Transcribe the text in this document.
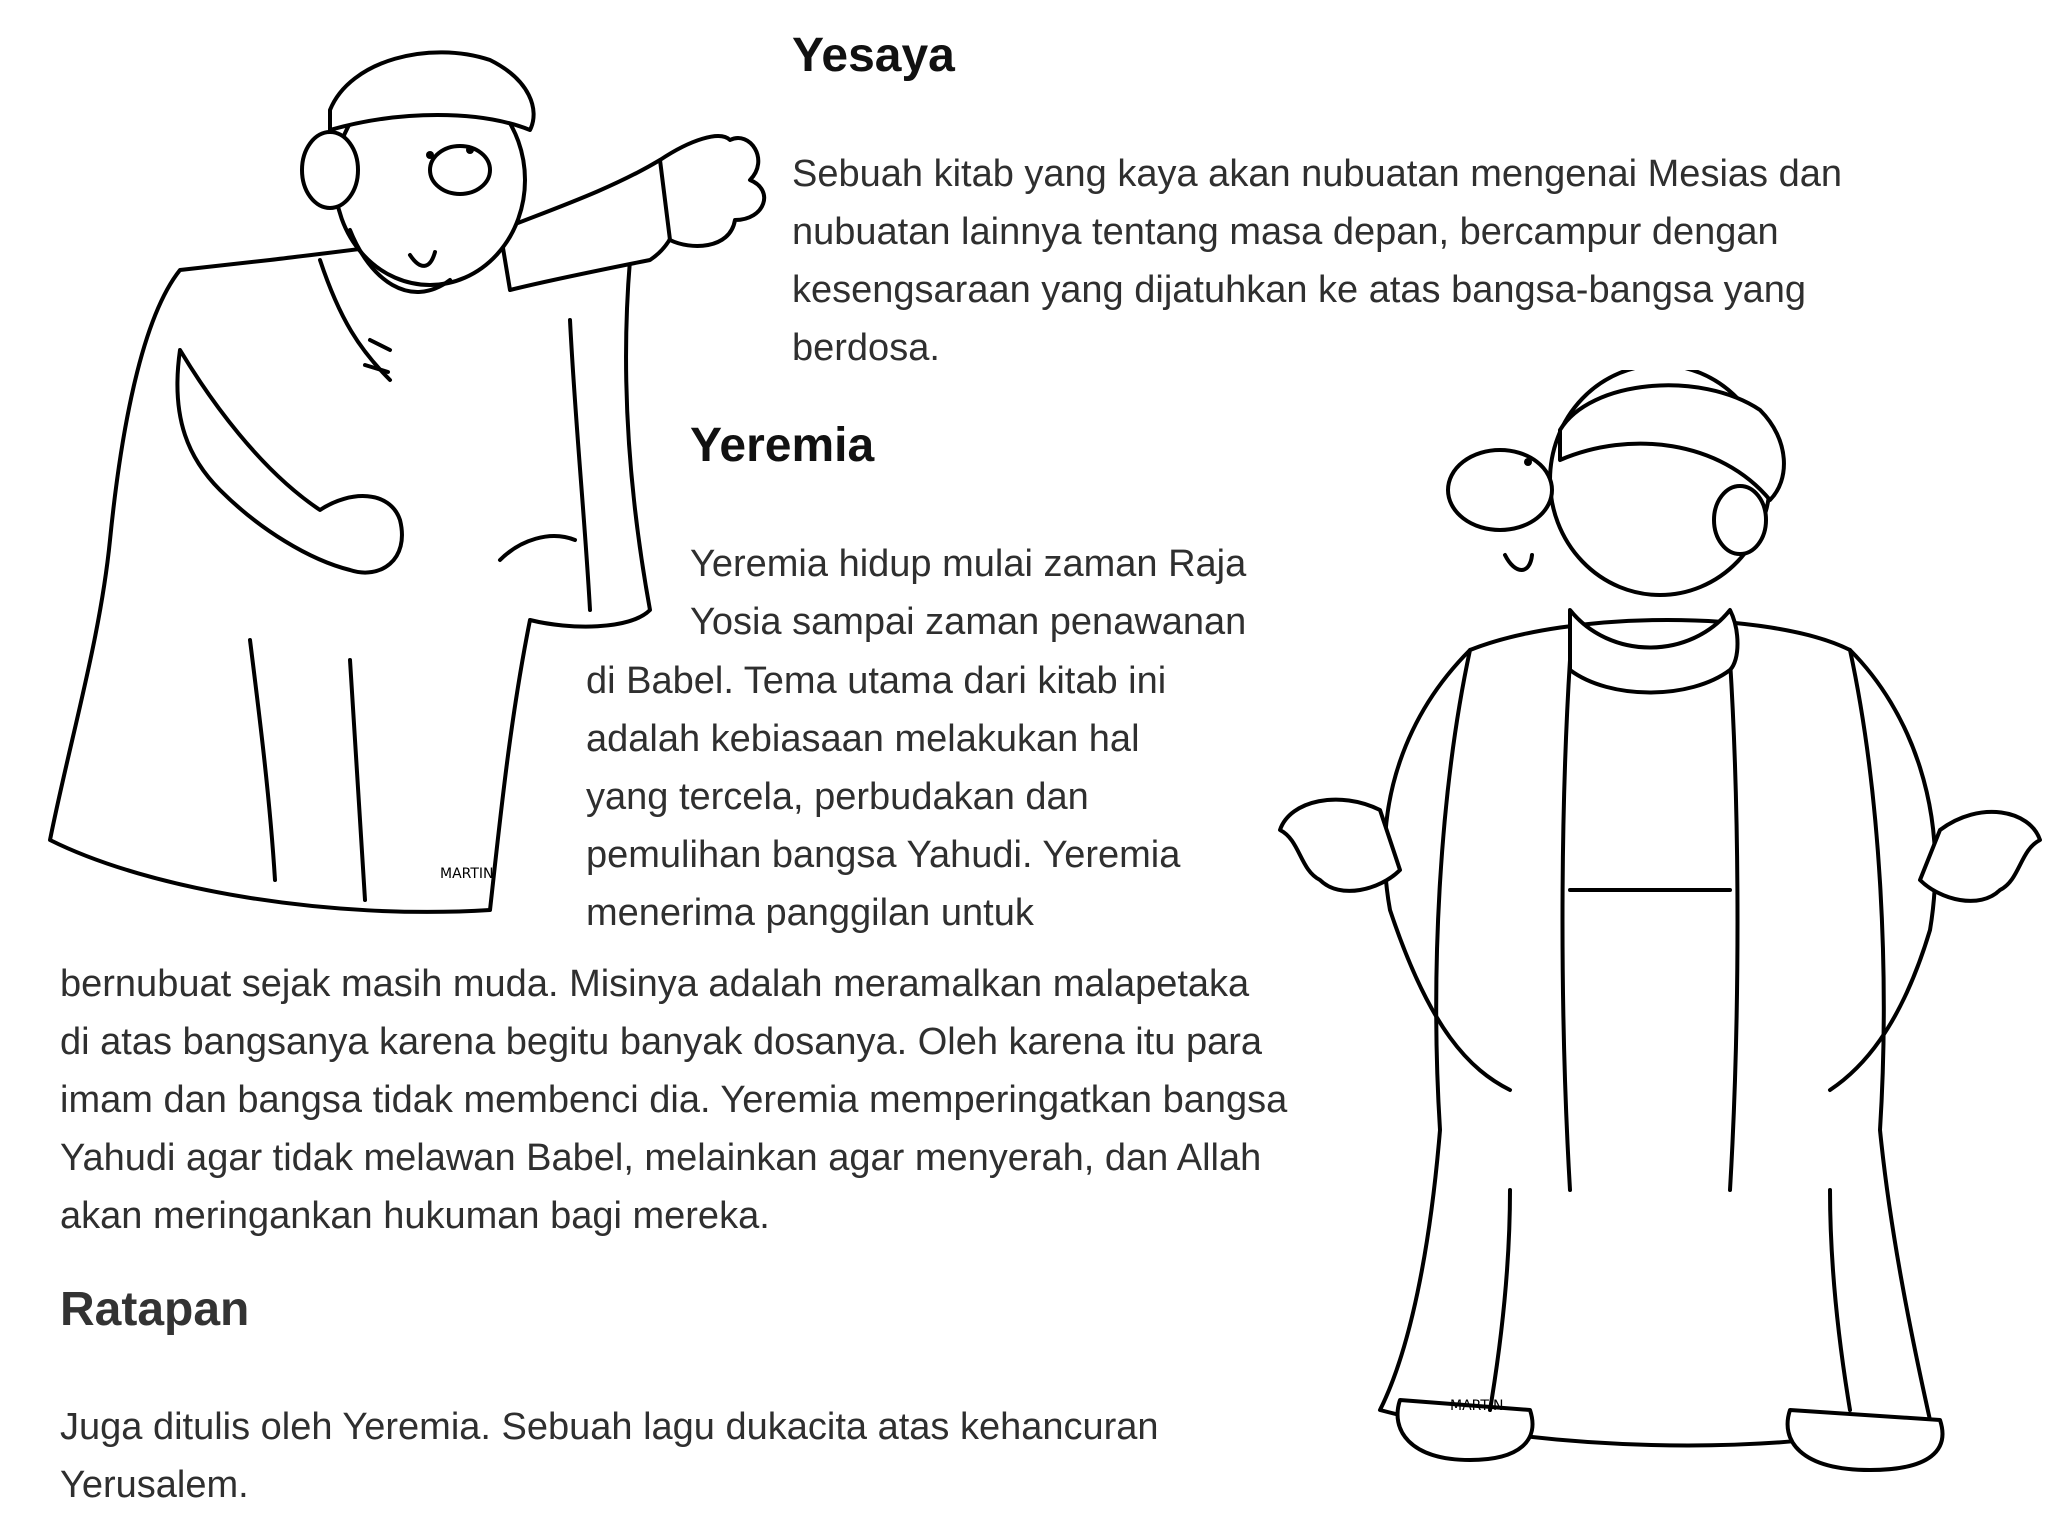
MARTIN
MARTIN
Yesaya
Sebuah kitab yang kaya akan nubuatan mengenai Mesias dan
nubuatan lainnya tentang masa depan, bercampur dengan
kesengsaraan yang dijatuhkan ke atas bangsa-bangsa yang
berdosa.
Yeremia
Yeremia hidup mulai zaman Raja
Yosia sampai zaman penawanan
di Babel. Tema utama dari kitab ini
adalah kebiasaan melakukan hal
yang tercela, perbudakan dan
pemulihan bangsa Yahudi. Yeremia
menerima panggilan untuk
bernubuat sejak masih muda. Misinya adalah meramalkan malapetaka
di atas bangsanya karena begitu banyak dosanya. Oleh karena itu para
imam dan bangsa tidak membenci dia. Yeremia memperingatkan bangsa
Yahudi agar tidak melawan Babel, melainkan agar menyerah, dan Allah
akan meringankan hukuman bagi mereka.
Ratapan
Juga ditulis oleh Yeremia. Sebuah lagu dukacita atas kehancuran
Yerusalem.
